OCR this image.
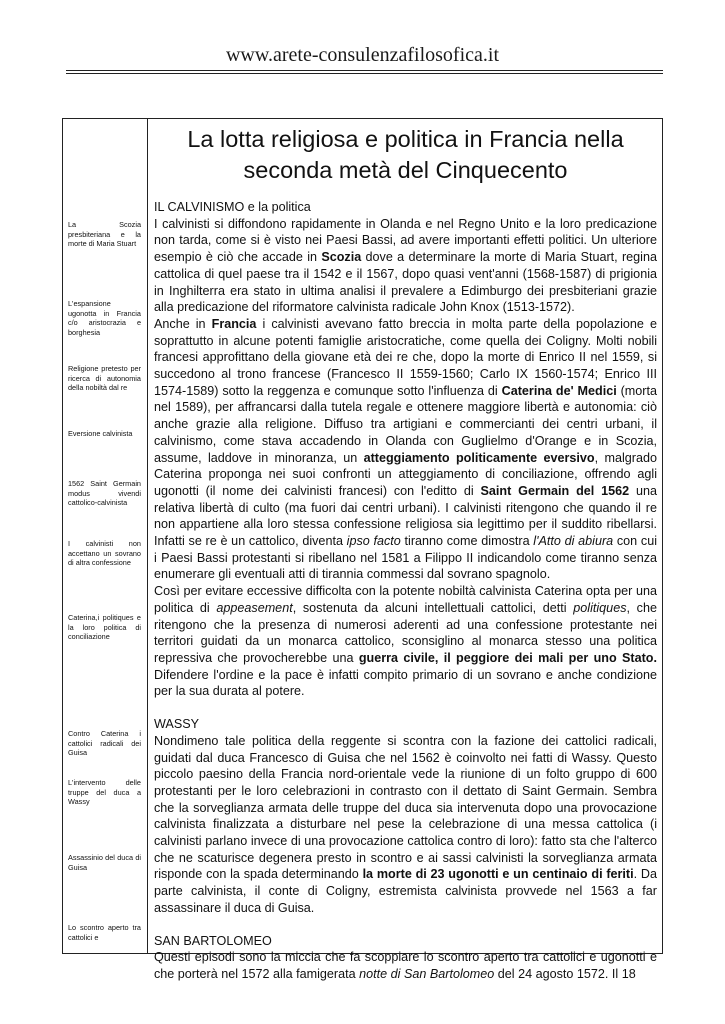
www.arete-consulenzafilosofica.it
La Scozia presbiteriana e la morte di Maria Stuart
L'espansione ugonotta in Francia c/o aristocrazia e borghesia
Religione pretesto per ricerca di autonomia della nobiltà dal re
Eversione calvinista
1562 Saint Germain modus vivendi cattolico-calvinista
I calvinisti non accettano un sovrano di altra confessione
Caterina,i politiques e la loro politica di conciliazione
Contro Caterina i cattolici radicali dei Guisa
L'intervento delle truppe del duca a Wassy
Assassinio del duca di Guisa
Lo scontro aperto tra cattolici e
La lotta religiosa e politica in Francia nella seconda metà del Cinquecento

IL CALVINISMO e la politica

I calvinisti si diffondono rapidamente in Olanda e nel Regno Unito e la loro predicazione non tarda, come si è visto nei Paesi Bassi, ad avere importanti effetti politici. Un ulteriore esempio è ciò che accade in Scozia dove a determinare la morte di Maria Stuart, regina cattolica di quel paese tra il 1542 e il 1567, dopo quasi vent'anni (1568-1587) di prigionia in Inghilterra era stato in ultima analisi il prevalere a Edimburgo dei presbiteriani grazie alla predicazione del riformatore calvinista radicale John Knox (1513-1572).

Anche in Francia i calvinisti avevano fatto breccia in molta parte della popolazione e soprattutto in alcune potenti famiglie aristocratiche, come quella dei Coligny. Molti nobili francesi approfittano della giovane età dei re che, dopo la morte di Enrico II nel 1559, si succedono al trono francese (Francesco II 1559-1560; Carlo IX 1560-1574; Enrico III 1574-1589) sotto la reggenza e comunque sotto l'influenza di Caterina de' Medici (morta nel 1589), per affrancarsi dalla tutela regale e ottenere maggiore libertà e autonomia: ciò anche grazie alla religione. Diffuso tra artigiani e commercianti dei centri urbani, il calvinismo, come stava accadendo in Olanda con Guglielmo d'Orange e in Scozia, assume, laddove in minoranza, un atteggiamento politicamente eversivo, malgrado Caterina proponga nei suoi confronti un atteggiamento di conciliazione, offrendo agli ugonotti (il nome dei calvinisti francesi) con l'editto di Saint Germain del 1562 una relativa libertà di culto (ma fuori dai centri urbani). I calvinisti ritengono che quando il re non appartiene alla loro stessa confessione religiosa sia legittimo per il suddito ribellarsi. Infatti se re è un cattolico, diventa ipso facto tiranno come dimostra l'Atto di abiura con cui i Paesi Bassi protestanti si ribellano nel 1581 a Filippo II indicandolo come tiranno senza enumerare gli eventuali atti di tirannia commessi dal sovrano spagnolo.

Così per evitare eccessive difficolta con la potente nobiltà calvinista Caterina opta per una politica di appeasement, sostenuta da alcuni intellettuali cattolici, detti politiques, che ritengono che la presenza di numerosi aderenti ad una confessione protestante nei territori guidati da un monarca cattolico, sconsiglino al monarca stesso una politica repressiva che provocherebbe una guerra civile, il peggiore dei mali per uno Stato. Difendere l'ordine e la pace è infatti compito primario di un sovrano e anche condizione per la sua durata al potere.

WASSY

Nondimeno tale politica della reggente si scontra con la fazione dei cattolici radicali, guidati dal duca Francesco di Guisa che nel 1562 è coinvolto nei fatti di Wassy. Questo piccolo paesino della Francia nord-orientale vede la riunione di un folto gruppo di 600 protestanti per le loro celebrazioni in contrasto con il dettato di Saint Germain. Sembra che la sorveglianza armata delle truppe del duca sia intervenuta dopo una provocazione calvinista finalizzata a disturbare nel pese la celebrazione di una messa cattolica (i calvinisti parlano invece di una provocazione cattolica contro di loro): fatto sta che l'alterco che ne scaturisce degenera presto in scontro e ai sassi calvinisti la sorveglianza armata risponde con la spada determinando la morte di 23 ugonotti e un centinaio di feriti. Da parte calvinista, il conte di Coligny, estremista calvinista provvede nel 1563 a far assassinare il duca di Guisa.

SAN BARTOLOMEO

Questi episodi sono la miccia che fa scoppiare lo scontro aperto tra cattolici e ugonotti e che porterà nel 1572 alla famigerata notte di San Bartolomeo del 24 agosto 1572. Il 18
